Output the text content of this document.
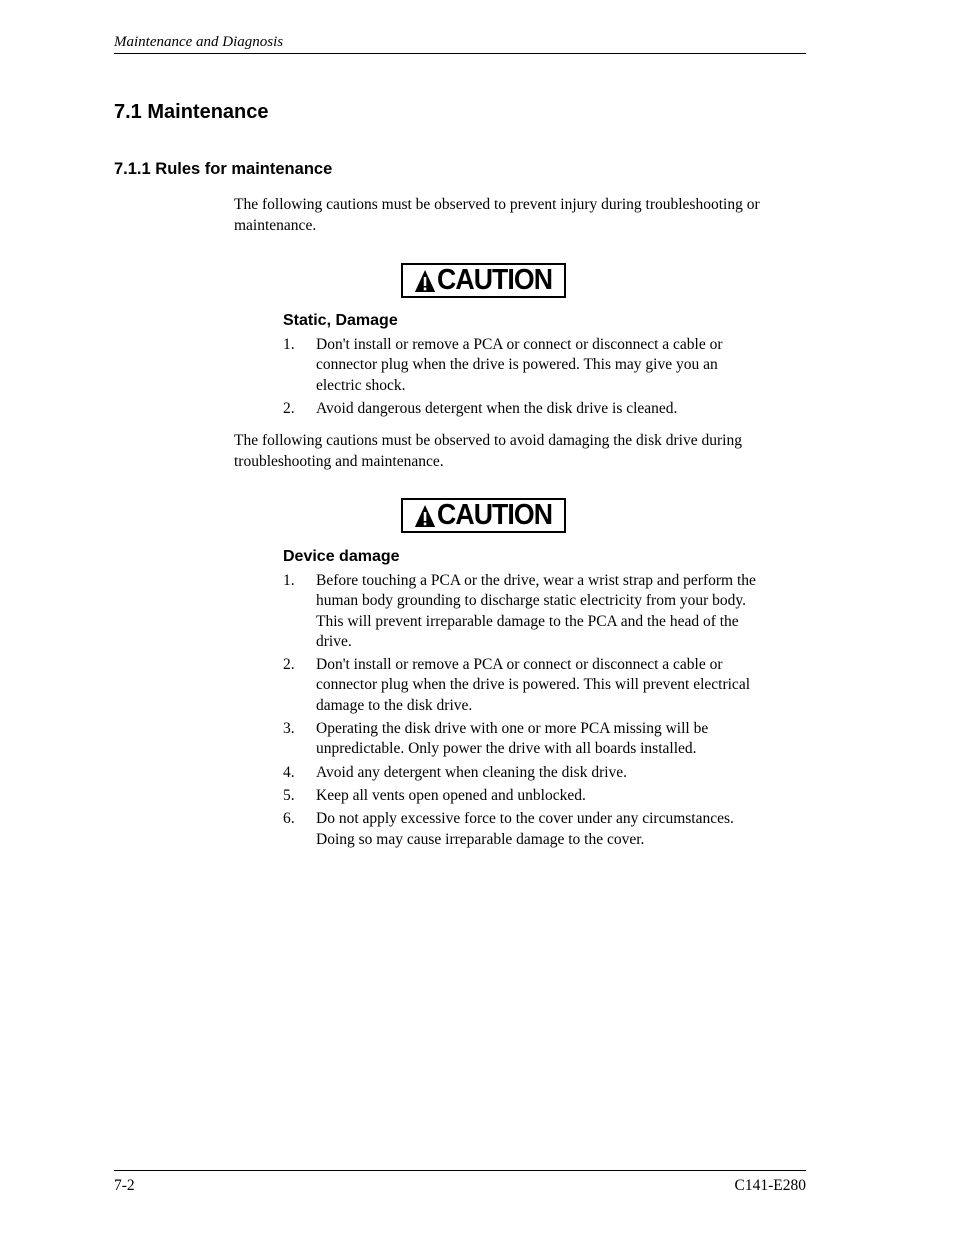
Maintenance and Diagnosis
7.1 Maintenance
7.1.1 Rules for maintenance

The following cautions must be observed to prevent injury during troubleshooting or maintenance.

CAUTION
Static, Damage
1. Don't install or remove a PCA or connect or disconnect a cable or connector plug when the drive is powered. This may give you an electric shock.
2. Avoid dangerous detergent when the disk drive is cleaned.

The following cautions must be observed to avoid damaging the disk drive during troubleshooting and maintenance.

CAUTION
Device damage
1. Before touching a PCA or the drive, wear a wrist strap and perform the human body grounding to discharge static electricity from your body. This will prevent irreparable damage to the PCA and the head of the drive.
2. Don't install or remove a PCA or connect or disconnect a cable or connector plug when the drive is powered. This will prevent electrical damage to the disk drive.
3. Operating the disk drive with one or more PCA missing will be unpredictable. Only power the drive with all boards installed.
4. Avoid any detergent when cleaning the disk drive.
5. Keep all vents open opened and unblocked.
6. Do not apply excessive force to the cover under any circumstances. Doing so may cause irreparable damage to the cover.
7-2	C141-E280
